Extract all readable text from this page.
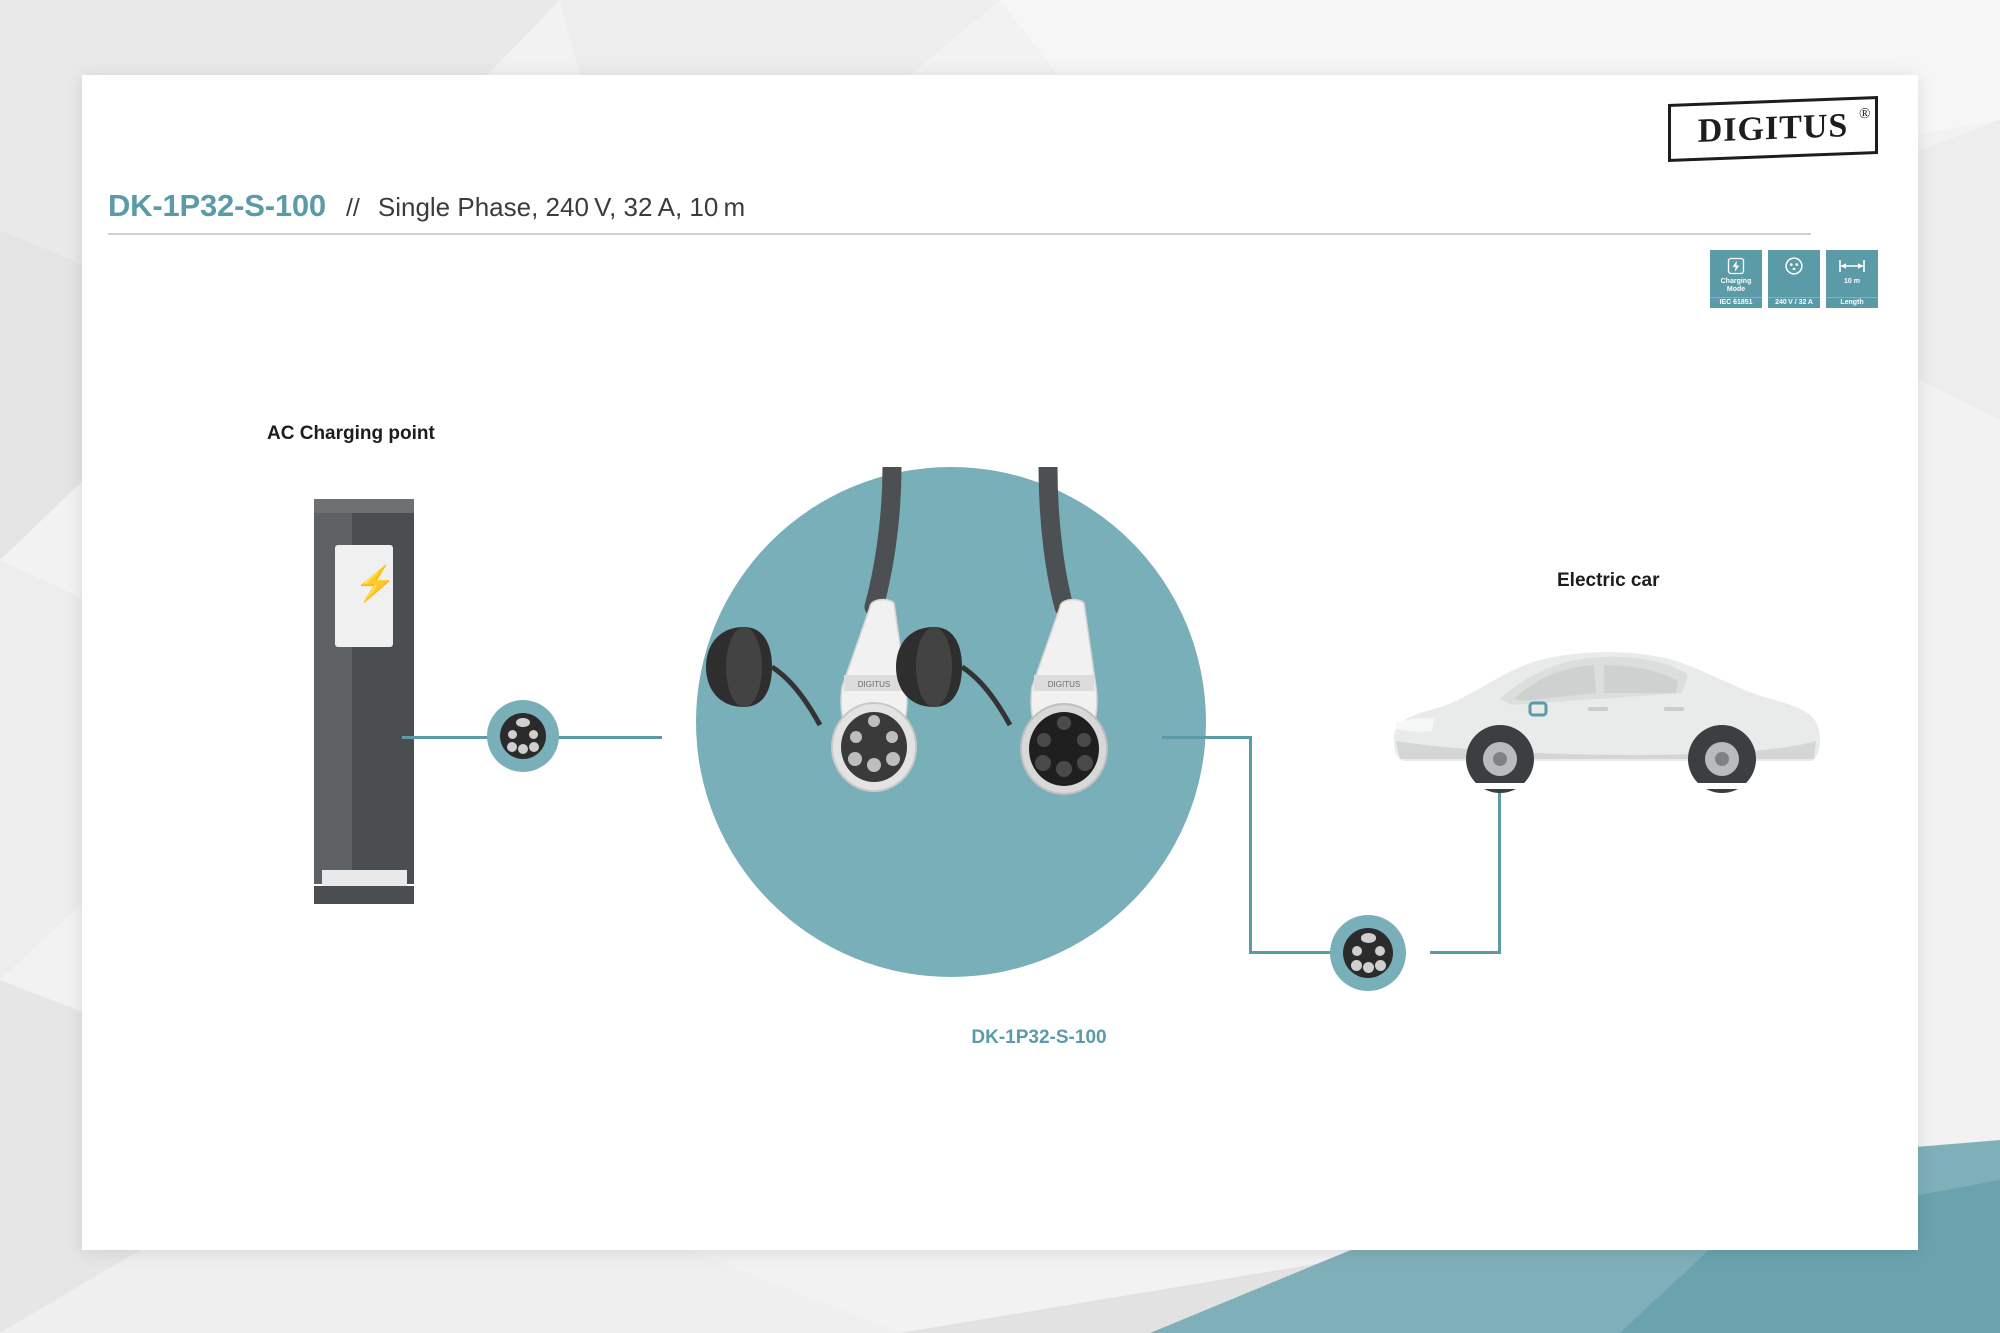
DIGITUS ®
DK-1P32-S-100 // Single Phase, 240 V, 32 A, 10 m
Charging
Mode
IEC 61851	240 V / 32 A
10 m
Length
AC Charging point
Electric car
DK-1P32-S-100
⚡
DIGITUS	DIGITUS
